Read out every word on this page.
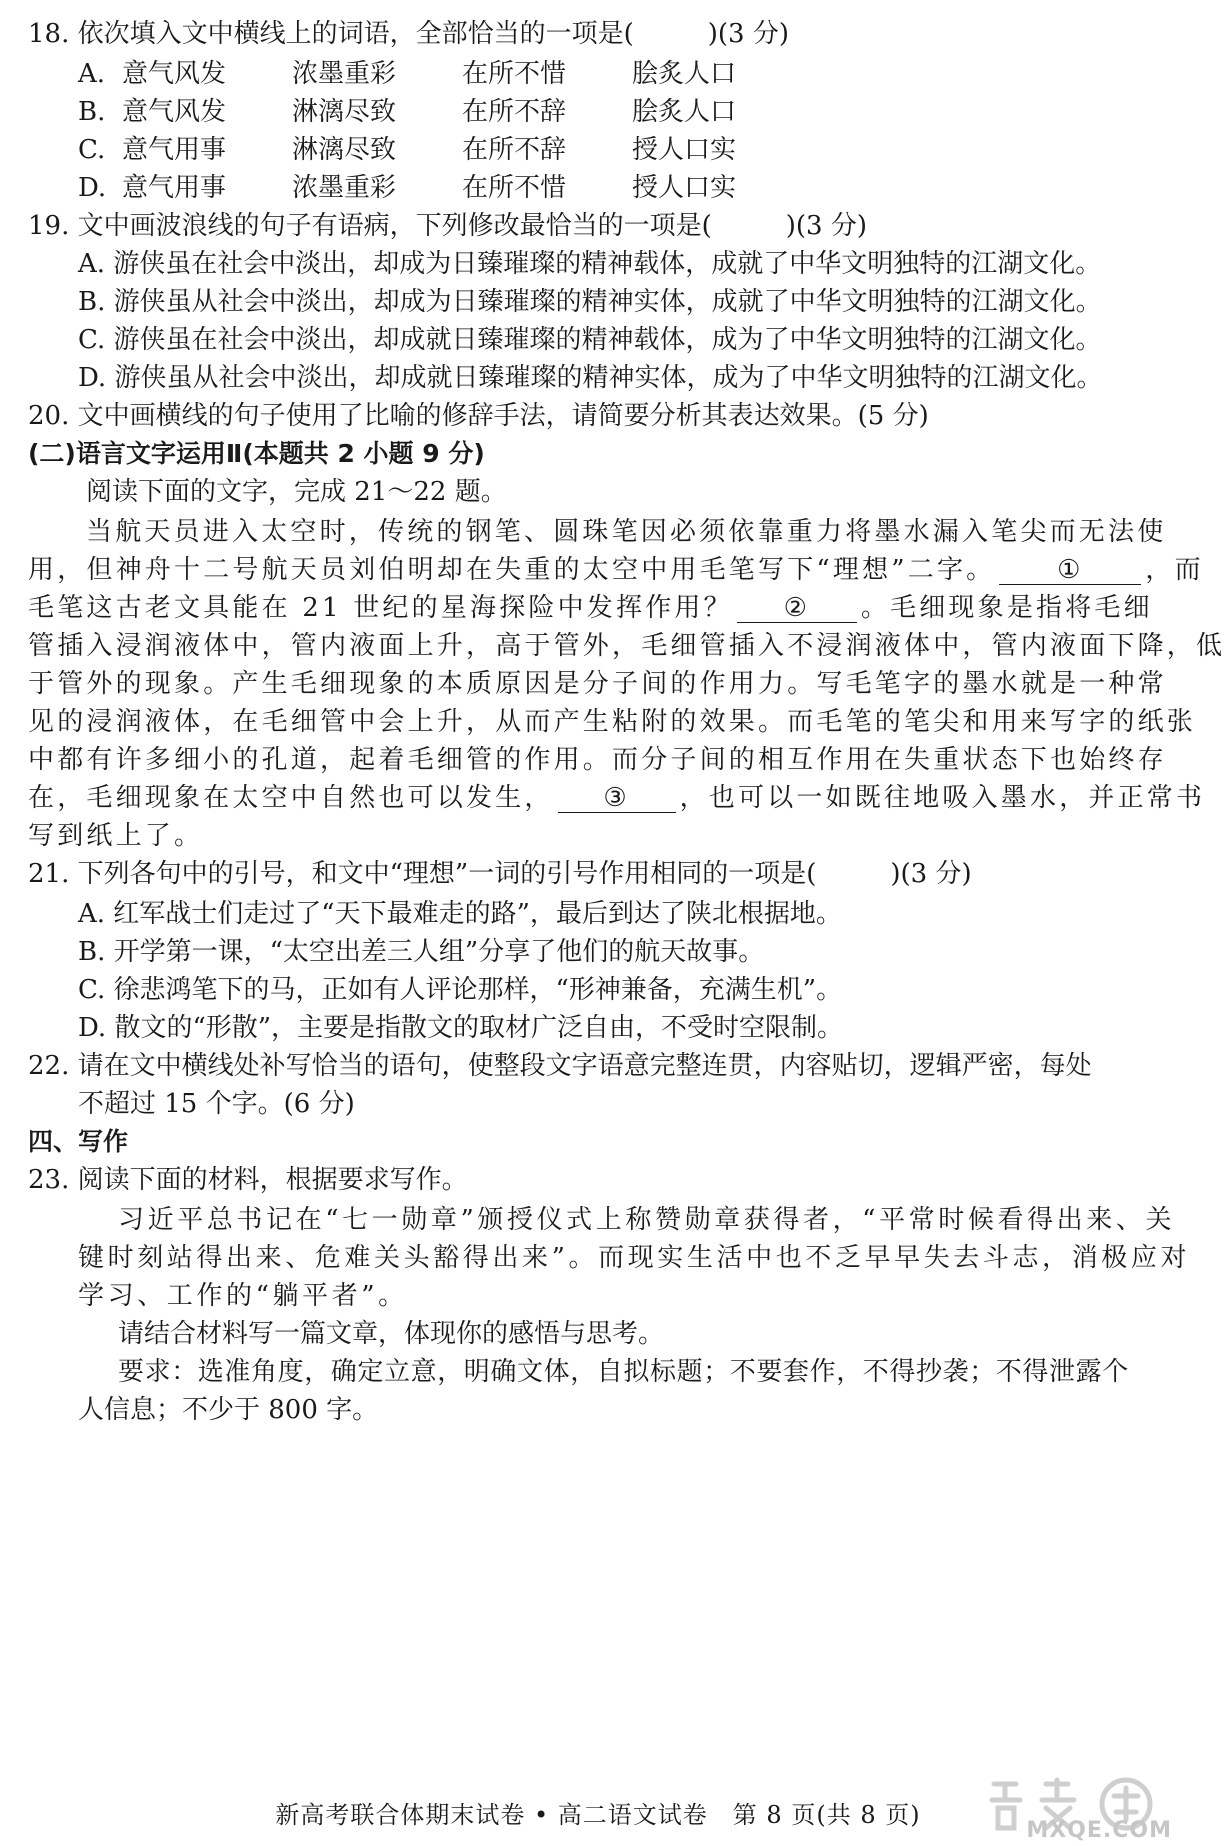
18. 依次填入文中横线上的词语，全部恰当的一项是(	)(3 分)
A. 意气风发	浓墨重彩	在所不惜	脍炙人口
B. 意气风发	淋漓尽致	在所不辞	脍炙人口
C. 意气用事	淋漓尽致	在所不辞	授人口实
D. 意气用事	浓墨重彩	在所不惜	授人口实
19. 文中画波浪线的句子有语病，下列修改最恰当的一项是(	)(3 分)
A. 游侠虽在社会中淡出，却成为日臻璀璨的精神载体，成就了中华文明独特的江湖文化。
B. 游侠虽从社会中淡出，却成为日臻璀璨的精神实体，成就了中华文明独特的江湖文化。
C. 游侠虽在社会中淡出，却成就日臻璀璨的精神载体，成为了中华文明独特的江湖文化。
D. 游侠虽从社会中淡出，却成就日臻璀璨的精神实体，成为了中华文明独特的江湖文化。
20. 文中画横线的句子使用了比喻的修辞手法，请简要分析其表达效果。(5 分)
(二)语言文字运用Ⅱ(本题共 2 小题 9 分)
阅读下面的文字，完成 21～22 题。
当航天员进入太空时，传统的钢笔、圆珠笔因必须依靠重力将墨水漏入笔尖而无法使
用，但神舟十二号航天员刘伯明却在失重的太空中用毛笔写下“理想”二字。 ① ，而
毛笔这古老文具能在 21 世纪的星海探险中发挥作用？ ② 。毛细现象是指将毛细
管插入浸润液体中，管内液面上升，高于管外，毛细管插入不浸润液体中，管内液面下降，低
于管外的现象。产生毛细现象的本质原因是分子间的作用力。写毛笔字的墨水就是一种常
见的浸润液体，在毛细管中会上升，从而产生粘附的效果。而毛笔的笔尖和用来写字的纸张
中都有许多细小的孔道，起着毛细管的作用。而分子间的相互作用在失重状态下也始终存
在，毛细现象在太空中自然也可以发生， ③ ，也可以一如既往地吸入墨水，并正常书
写到纸上了。
21. 下列各句中的引号，和文中“理想”一词的引号作用相同的一项是(	)(3 分)
A. 红军战士们走过了“天下最难走的路”，最后到达了陕北根据地。
B. 开学第一课，“太空出差三人组”分享了他们的航天故事。
C. 徐悲鸿笔下的马，正如有人评论那样，“形神兼备，充满生机”。
D. 散文的“形散”，主要是指散文的取材广泛自由，不受时空限制。
22. 请在文中横线处补写恰当的语句，使整段文字语意完整连贯，内容贴切，逻辑严密，每处
不超过 15 个字。(6 分)
四、写作
23. 阅读下面的材料，根据要求写作。
习近平总书记在“七一勋章”颁授仪式上称赞勋章获得者，“平常时候看得出来、关
键时刻站得出来、危难关头豁得出来”。而现实生活中也不乏早早失去斗志，消极应对
学习、工作的“躺平者”。
请结合材料写一篇文章，体现你的感悟与思考。
要求：选准角度，确定立意，明确文体，自拟标题；不要套作，不得抄袭；不得泄露个
人信息；不少于 800 字。
新高考联合体期末试卷 • 高二语文试卷　第 8 页(共 8 页)
MXQE.COM
